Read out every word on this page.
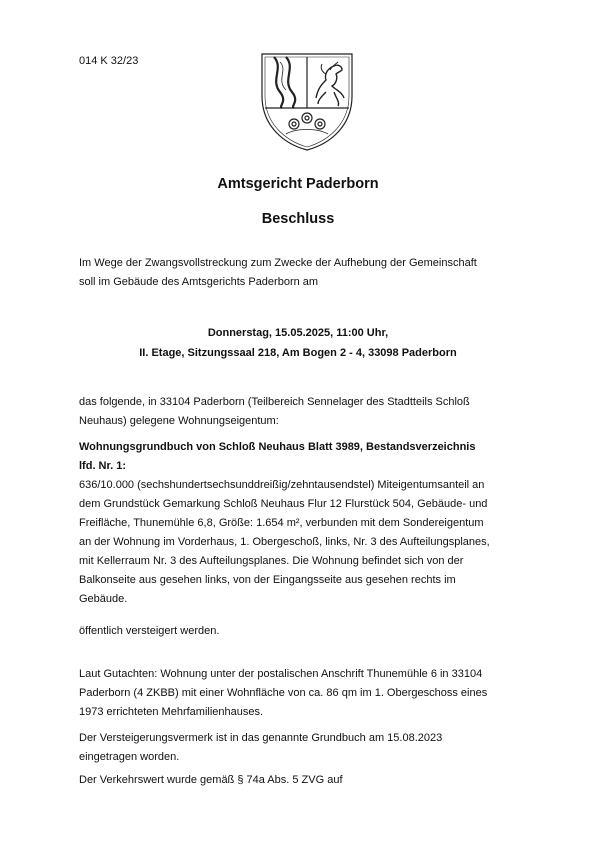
014 K 32/23
Amtsgericht Paderborn
Beschluss

Im Wege der Zwangsvollstreckung zum Zwecke der Aufhebung der Gemeinschaft
soll im Gebäude des Amtsgerichts Paderborn am

Donnerstag, 15.05.2025, 11:00 Uhr,
II. Etage, Sitzungssaal 218, Am Bogen 2 - 4, 33098 Paderborn

das folgende, in 33104 Paderborn (Teilbereich Sennelager des Stadtteils Schloß
Neuhaus) gelegene Wohnungseigentum:

Wohnungsgrundbuch von Schloß Neuhaus Blatt 3989, Bestandsverzeichnis
lfd. Nr. 1:

636/10.000 (sechshundertsechsunddreißig/zehntausendstel) Miteigentumsanteil an
dem Grundstück Gemarkung Schloß Neuhaus Flur 12 Flurstück 504, Gebäude- und
Freifläche, Thunemühle 6,8, Größe: 1.654 m², verbunden mit dem Sondereigentum
an der Wohnung im Vorderhaus, 1. Obergeschoß, links, Nr. 3 des Aufteilungsplanes,
mit Kellerraum Nr. 3 des Aufteilungsplanes. Die Wohnung befindet sich von der
Balkonseite aus gesehen links, von der Eingangsseite aus gesehen rechts im
Gebäude.

öffentlich versteigert werden.

Laut Gutachten: Wohnung unter der postalischen Anschrift Thunemühle 6 in 33104
Paderborn (4 ZKBB) mit einer Wohnfläche von ca. 86 qm im 1. Obergeschoss eines
1973 errichteten Mehrfamilienhauses.

Der Versteigerungsvermerk ist in das genannte Grundbuch am 15.08.2023
eingetragen worden.

Der Verkehrswert wurde gemäß § 74a Abs. 5 ZVG auf
